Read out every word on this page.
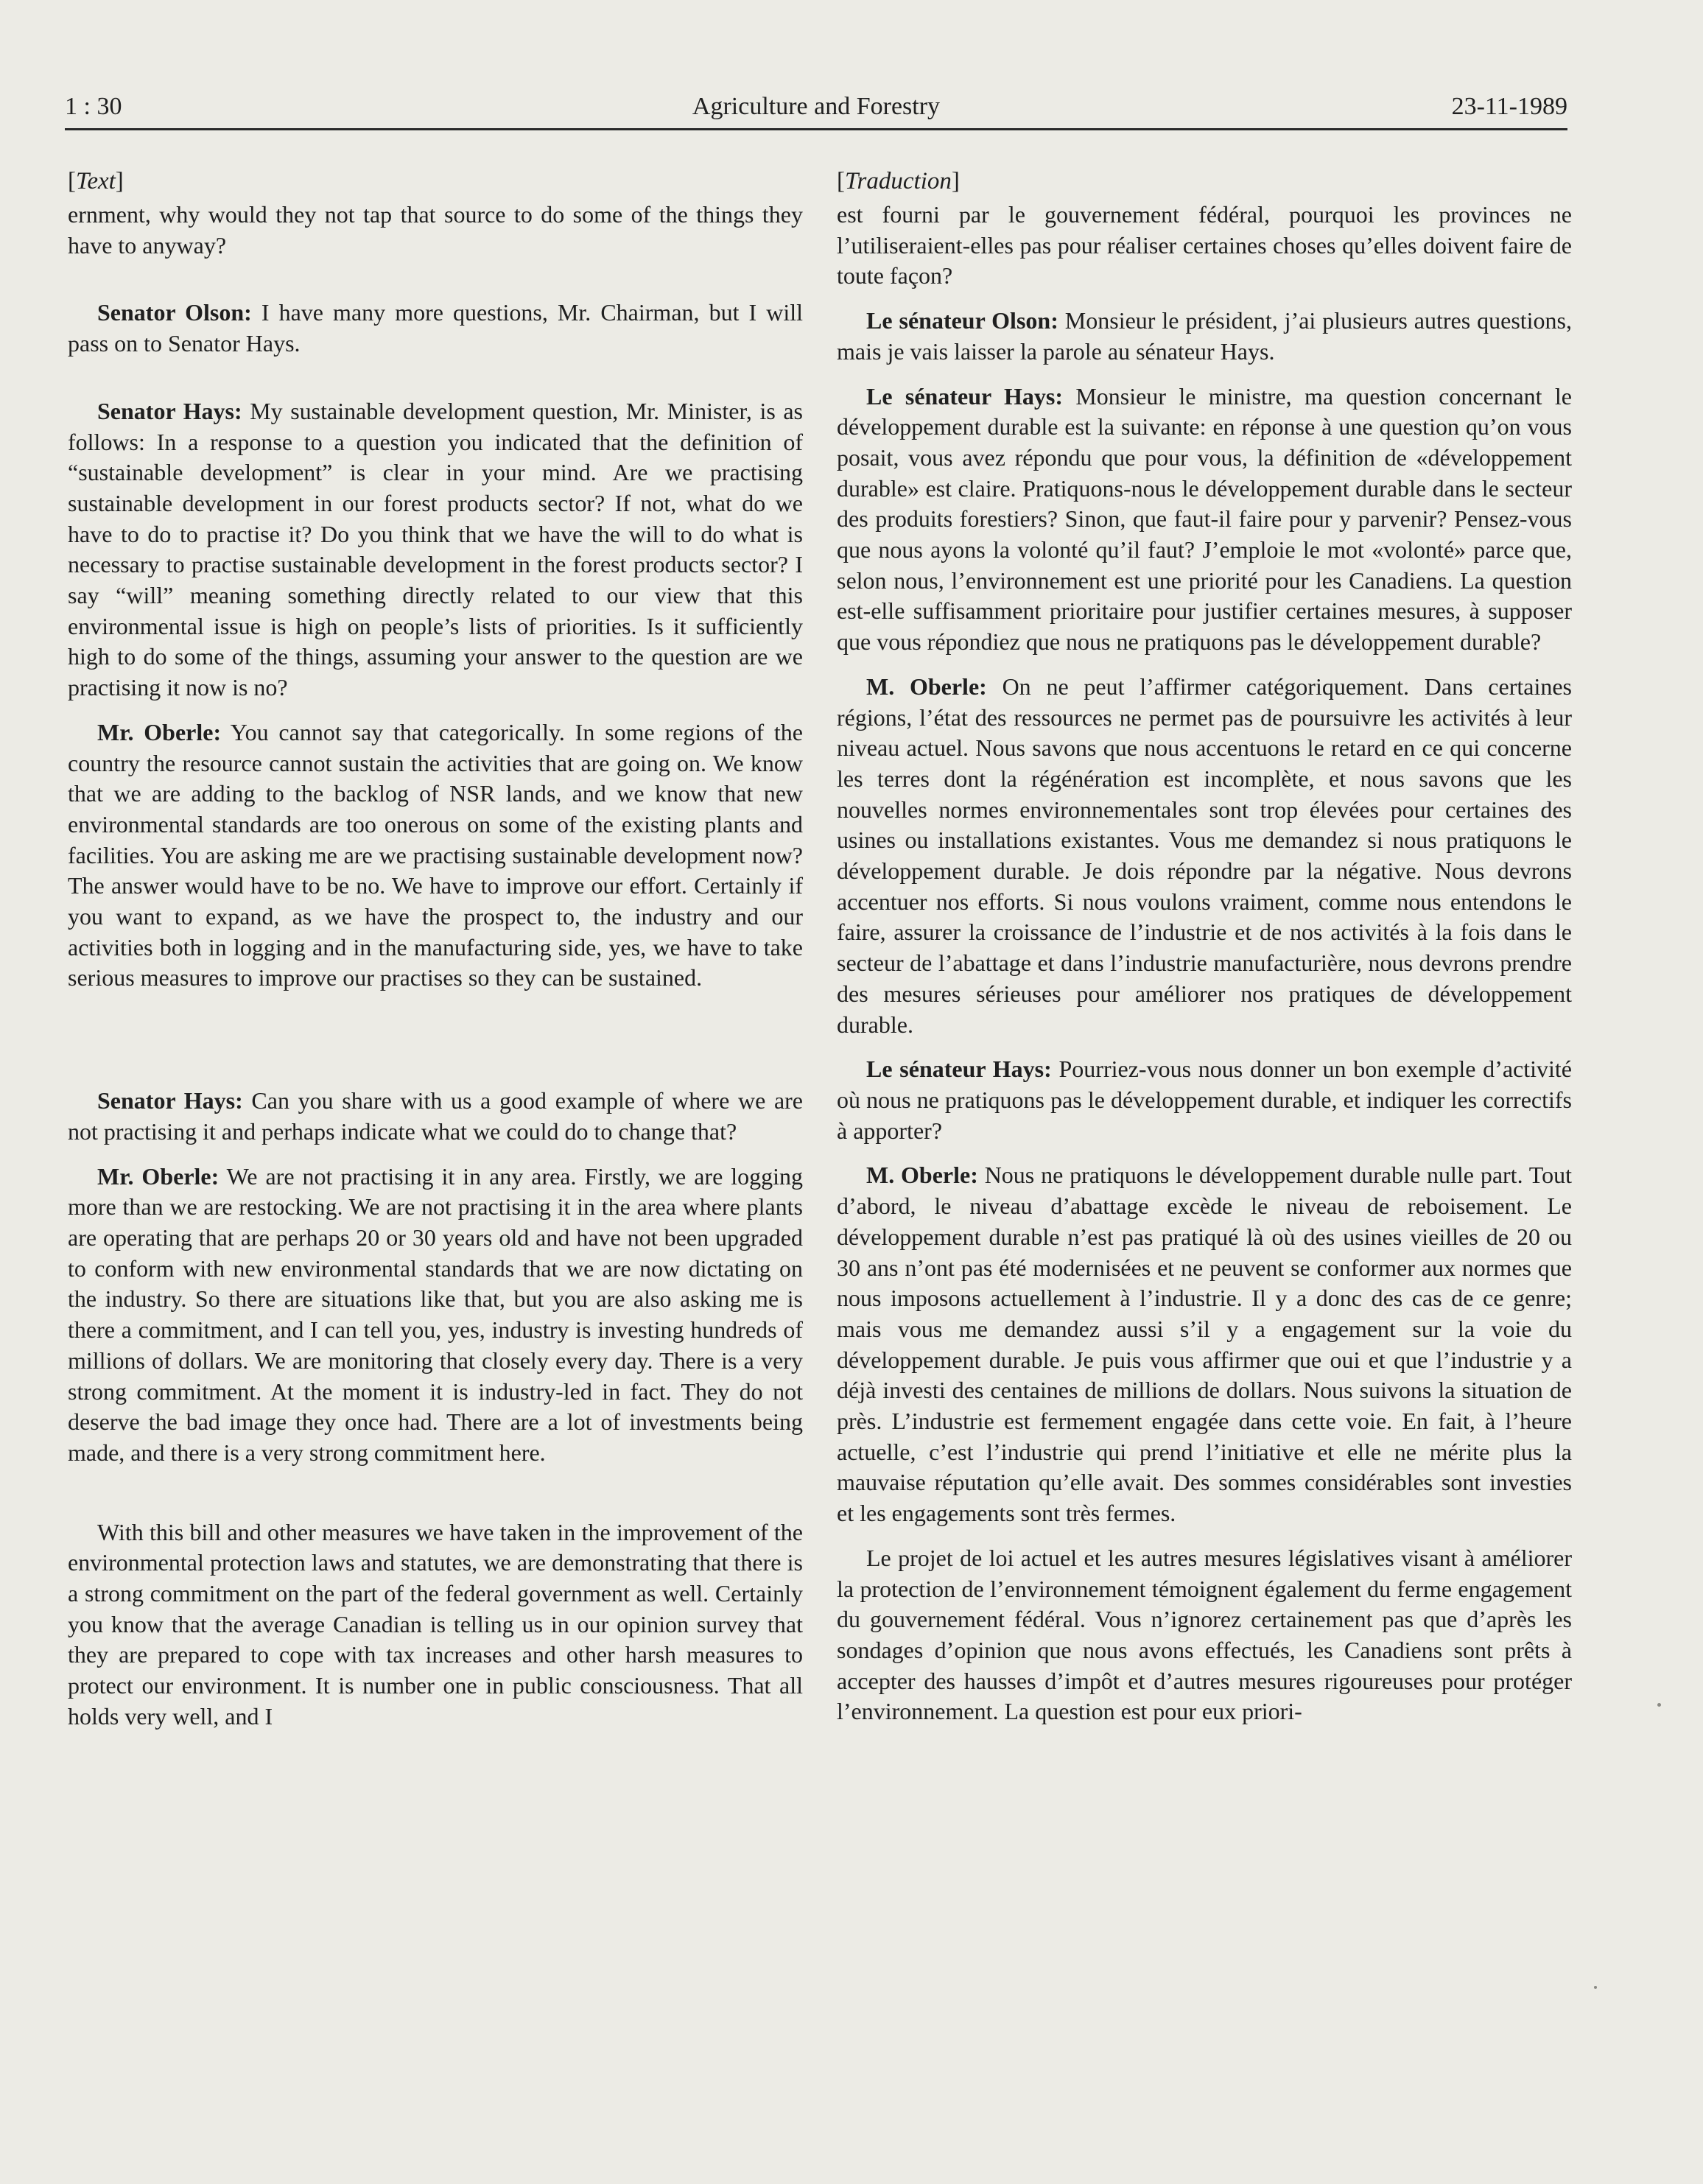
1 : 30	Agriculture and Forestry	23-11-1989
[Text]

ernment, why would they not tap that source to do some of the things they have to anyway?

Senator Olson: I have many more questions, Mr. Chairman, but I will pass on to Senator Hays.

Senator Hays: My sustainable development question, Mr. Minister, is as follows: In a response to a question you indicated that the definition of “sustainable development” is clear in your mind. Are we practising sustainable development in our forest products sector? If not, what do we have to do to practise it? Do you think that we have the will to do what is necessary to practise sustainable development in the forest products sector? I say “will” meaning something directly related to our view that this environmental issue is high on people’s lists of priorities. Is it sufficiently high to do some of the things, assuming your answer to the question are we practising it now is no?

Mr. Oberle: You cannot say that categorically. In some regions of the country the resource cannot sustain the activities that are going on. We know that we are adding to the backlog of NSR lands, and we know that new environmental standards are too onerous on some of the existing plants and facilities. You are asking me are we practising sustainable development now? The answer would have to be no. We have to improve our effort. Certainly if you want to expand, as we have the prospect to, the industry and our activities both in logging and in the manufacturing side, yes, we have to take serious measures to improve our practises so they can be sustained.

Senator Hays: Can you share with us a good example of where we are not practising it and perhaps indicate what we could do to change that?

Mr. Oberle: We are not practising it in any area. Firstly, we are logging more than we are restocking. We are not practising it in the area where plants are operating that are perhaps 20 or 30 years old and have not been upgraded to conform with new environmental standards that we are now dictating on the industry. So there are situations like that, but you are also asking me is there a commitment, and I can tell you, yes, industry is investing hundreds of millions of dollars. We are monitoring that closely every day. There is a very strong commitment. At the moment it is industry-led in fact. They do not deserve the bad image they once had. There are a lot of investments being made, and there is a very strong commitment here.

With this bill and other measures we have taken in the improvement of the environmental protection laws and statutes, we are demonstrating that there is a strong commitment on the part of the federal government as well. Certainly you know that the average Canadian is telling us in our opinion survey that they are prepared to cope with tax increases and other harsh measures to protect our environment. It is number one in public consciousness. That all holds very well, and I

[Traduction]

est fourni par le gouvernement fédéral, pourquoi les provinces ne l’utiliseraient-elles pas pour réaliser certaines choses qu’elles doivent faire de toute façon?

Le sénateur Olson: Monsieur le président, j’ai plusieurs autres questions, mais je vais laisser la parole au sénateur Hays.

Le sénateur Hays: Monsieur le ministre, ma question concernant le développement durable est la suivante: en réponse à une question qu’on vous posait, vous avez répondu que pour vous, la définition de «développement durable» est claire. Pratiquons-nous le développement durable dans le secteur des produits forestiers? Sinon, que faut-il faire pour y parvenir? Pensez-vous que nous ayons la volonté qu’il faut? J’emploie le mot «volonté» parce que, selon nous, l’environnement est une priorité pour les Canadiens. La question est-elle suffisamment prioritaire pour justifier certaines mesures, à supposer que vous répondiez que nous ne pratiquons pas le développement durable?

M. Oberle: On ne peut l’affirmer catégoriquement. Dans certaines régions, l’état des ressources ne permet pas de poursuivre les activités à leur niveau actuel. Nous savons que nous accentuons le retard en ce qui concerne les terres dont la régénération est incomplète, et nous savons que les nouvelles normes environnementales sont trop élevées pour certaines des usines ou installations existantes. Vous me demandez si nous pratiquons le développement durable. Je dois répondre par la négative. Nous devrons accentuer nos efforts. Si nous voulons vraiment, comme nous entendons le faire, assurer la croissance de l’industrie et de nos activités à la fois dans le secteur de l’abattage et dans l’industrie manufacturière, nous devrons prendre des mesures sérieuses pour améliorer nos pratiques de développement durable.

Le sénateur Hays: Pourriez-vous nous donner un bon exemple d’activité où nous ne pratiquons pas le développement durable, et indiquer les correctifs à apporter?

M. Oberle: Nous ne pratiquons le développement durable nulle part. Tout d’abord, le niveau d’abattage excède le niveau de reboisement. Le développement durable n’est pas pratiqué là où des usines vieilles de 20 ou 30 ans n’ont pas été modernisées et ne peuvent se conformer aux normes que nous imposons actuellement à l’industrie. Il y a donc des cas de ce genre; mais vous me demandez aussi s’il y a engagement sur la voie du développement durable. Je puis vous affirmer que oui et que l’industrie y a déjà investi des centaines de millions de dollars. Nous suivons la situation de près. L’industrie est fermement engagée dans cette voie. En fait, à l’heure actuelle, c’est l’industrie qui prend l’initiative et elle ne mérite plus la mauvaise réputation qu’elle avait. Des sommes considérables sont investies et les engagements sont très fermes.

Le projet de loi actuel et les autres mesures législatives visant à améliorer la protection de l’environnement témoignent également du ferme engagement du gouvernement fédéral. Vous n’ignorez certainement pas que d’après les sondages d’opinion que nous avons effectués, les Canadiens sont prêts à accepter des hausses d’impôt et d’autres mesures rigoureuses pour protéger l’environnement. La question est pour eux priori-
